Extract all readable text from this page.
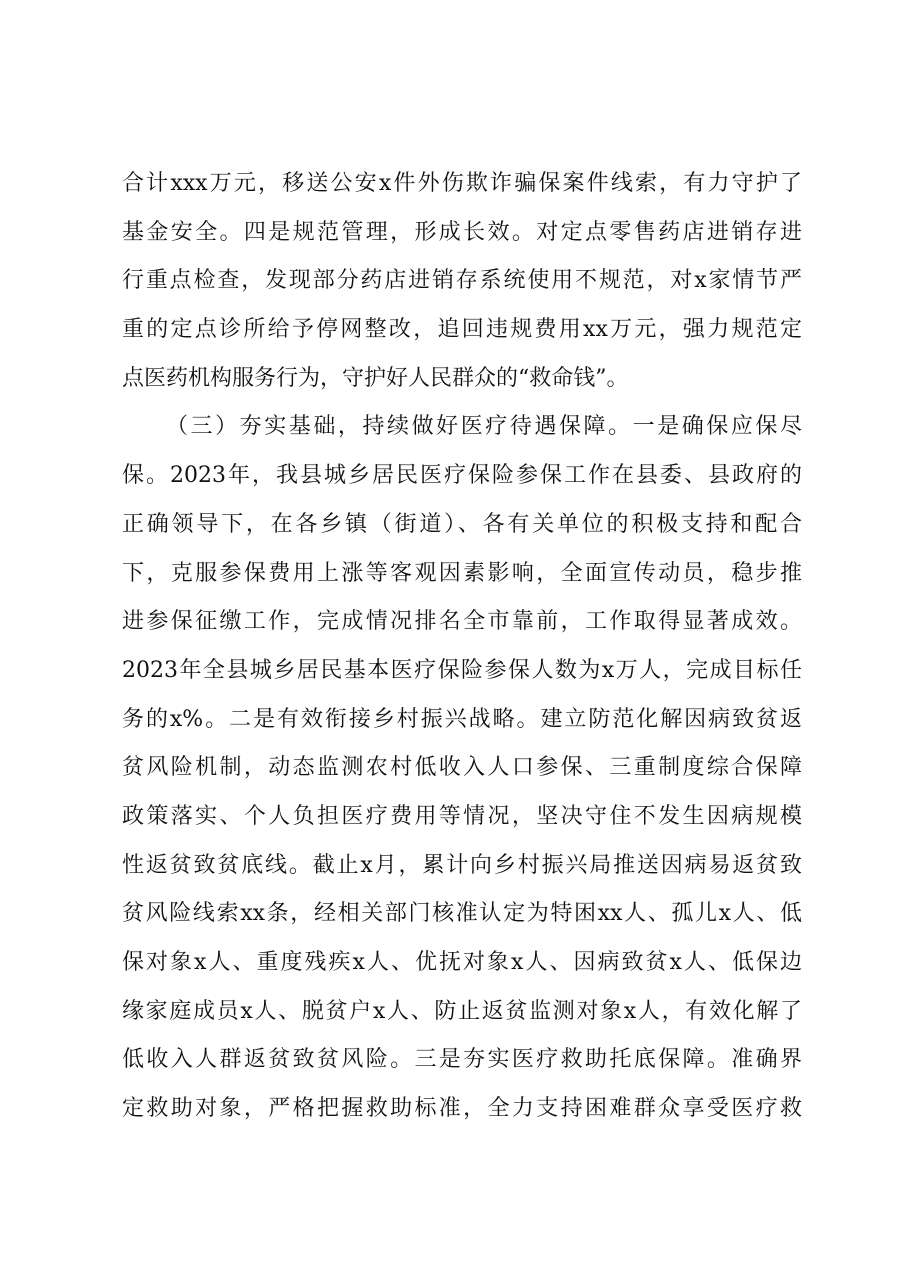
合计xxx万元，移送公安x件外伤欺诈骗保案件线索，有力守护了
基金安全。四是规范管理，形成长效。对定点零售药店进销存进
行重点检查，发现部分药店进销存系统使用不规范，对x家情节严
重的定点诊所给予停网整改，追回违规费用xx万元，强力规范定
点医药机构服务行为，守护好人民群众的“救命钱”。
（三）夯实基础，持续做好医疗待遇保障。一是确保应保尽
保。2023年，我县城乡居民医疗保险参保工作在县委、县政府的
正确领导下，在各乡镇（街道）、各有关单位的积极支持和配合
下，克服参保费用上涨等客观因素影响，全面宣传动员，稳步推
进参保征缴工作，完成情况排名全市靠前，工作取得显著成效。
2023年全县城乡居民基本医疗保险参保人数为x万人，完成目标任
务的x%。二是有效衔接乡村振兴战略。建立防范化解因病致贫返
贫风险机制，动态监测农村低收入人口参保、三重制度综合保障
政策落实、个人负担医疗费用等情况，坚决守住不发生因病规模
性返贫致贫底线。截止x月，累计向乡村振兴局推送因病易返贫致
贫风险线索xx条，经相关部门核准认定为特困xx人、孤儿x人、低
保对象x人、重度残疾x人、优抚对象x人、因病致贫x人、低保边
缘家庭成员x人、脱贫户x人、防止返贫监测对象x人，有效化解了
低收入人群返贫致贫风险。三是夯实医疗救助托底保障。准确界
定救助对象，严格把握救助标准，全力支持困难群众享受医疗救
